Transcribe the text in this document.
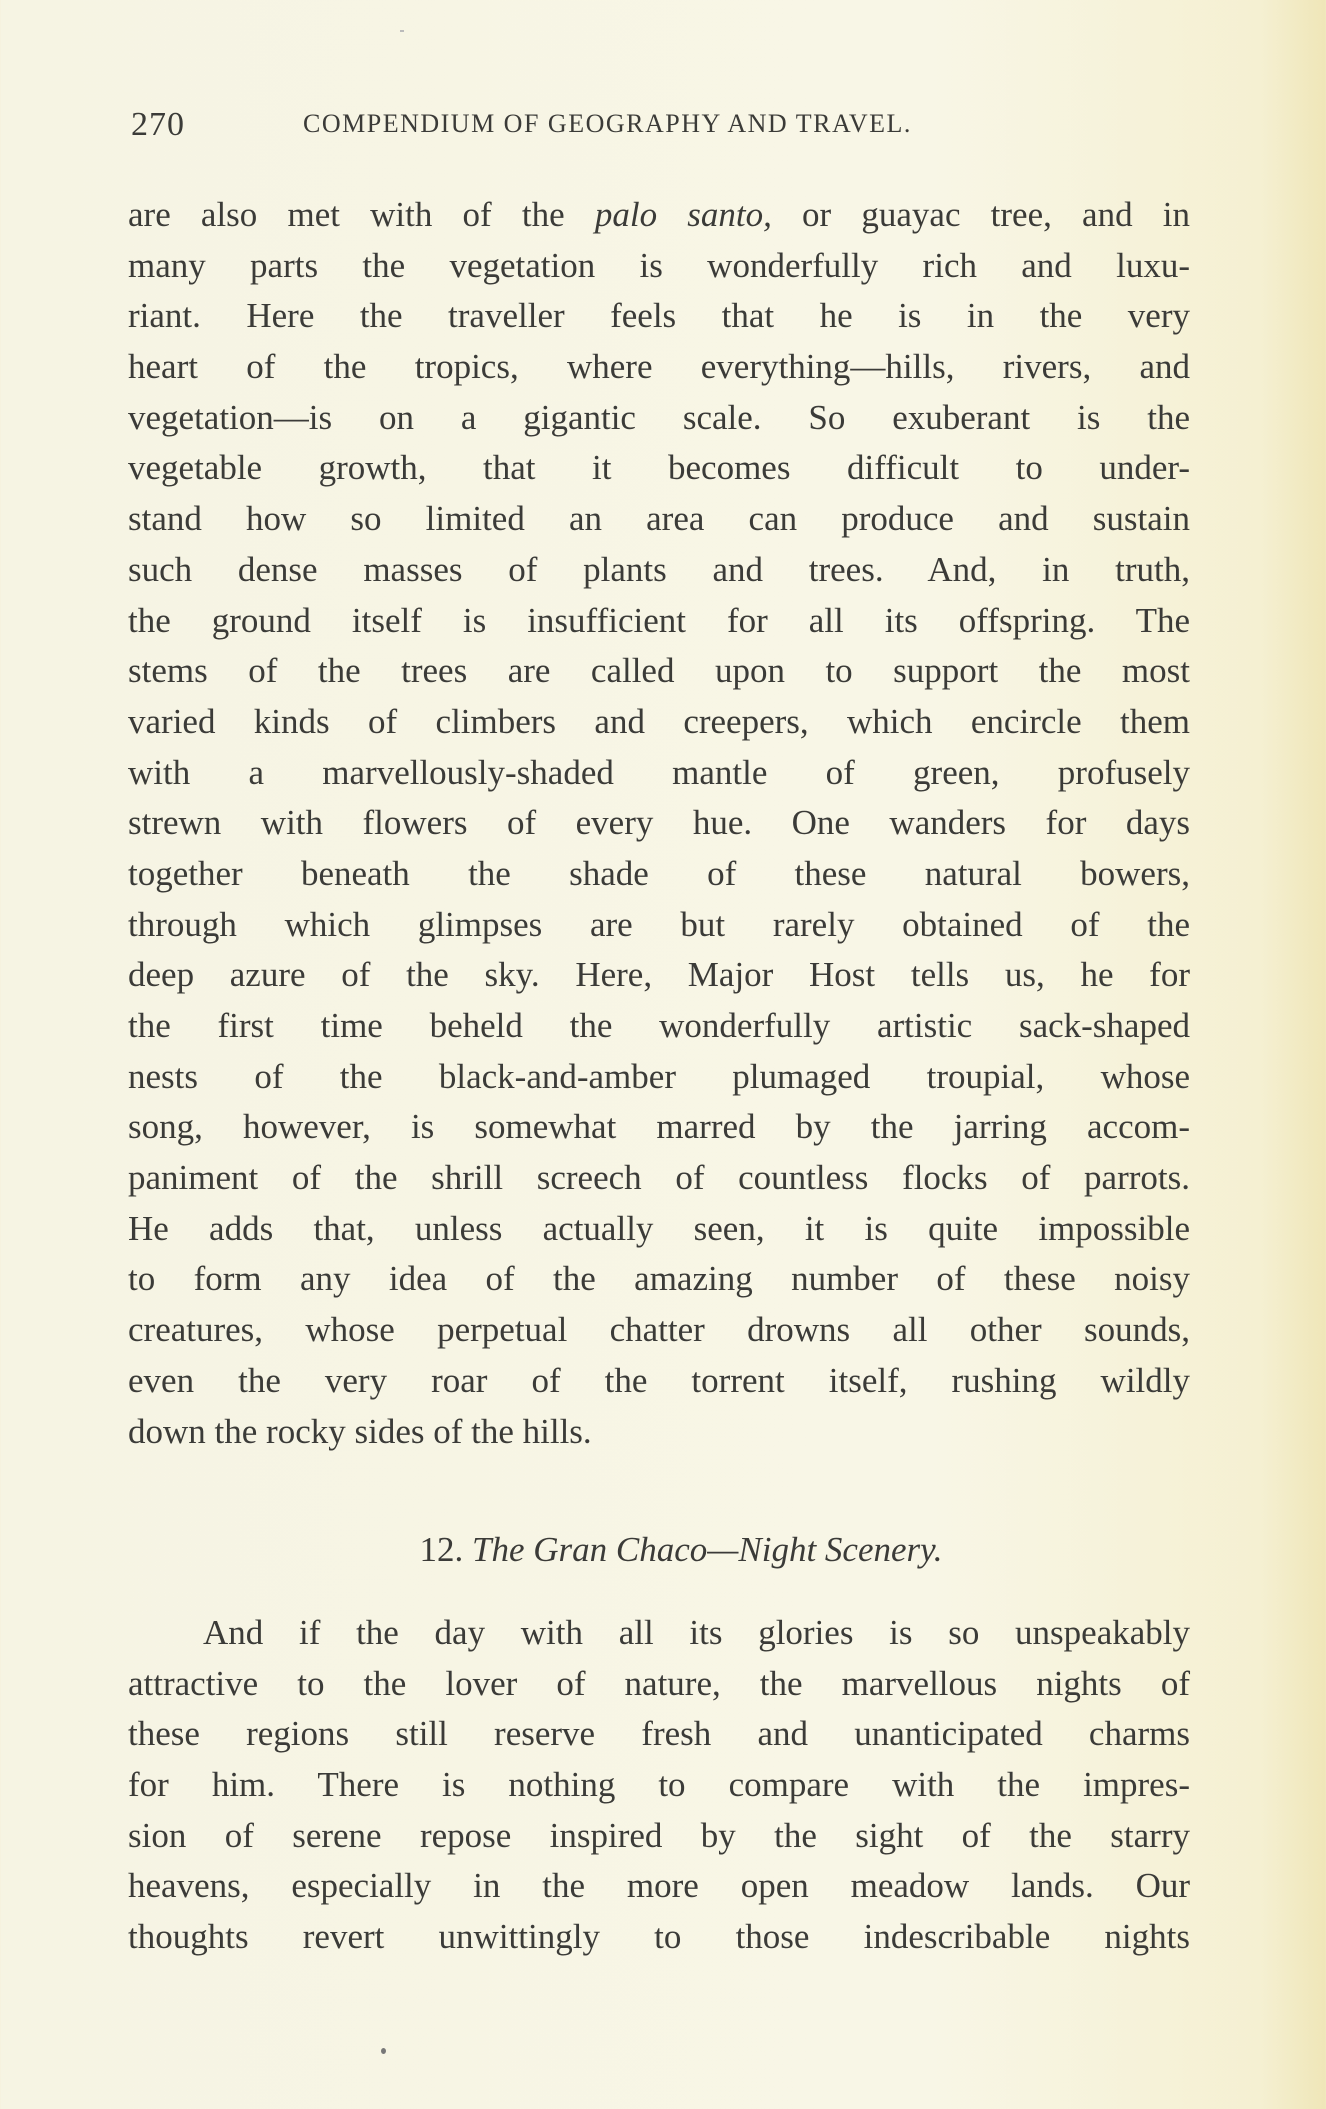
270	COMPENDIUM OF GEOGRAPHY AND TRAVEL.
are also met with of the palo santo, or guayac tree, and in
many parts the vegetation is wonderfully rich and luxu-
riant. Here the traveller feels that he is in the very
heart of the tropics, where everything—hills, rivers, and
vegetation—is on a gigantic scale. So exuberant is the
vegetable growth, that it becomes difficult to under-
stand how so limited an area can produce and sustain
such dense masses of plants and trees. And, in truth,
the ground itself is insufficient for all its offspring. The
stems of the trees are called upon to support the most
varied kinds of climbers and creepers, which encircle them
with a marvellously-shaded mantle of green, profusely
strewn with flowers of every hue. One wanders for days
together beneath the shade of these natural bowers,
through which glimpses are but rarely obtained of the
deep azure of the sky. Here, Major Host tells us, he for
the first time beheld the wonderfully artistic sack-shaped
nests of the black-and-amber plumaged troupial, whose
song, however, is somewhat marred by the jarring accom-
paniment of the shrill screech of countless flocks of parrots.
He adds that, unless actually seen, it is quite impossible
to form any idea of the amazing number of these noisy
creatures, whose perpetual chatter drowns all other sounds,
even the very roar of the torrent itself, rushing wildly
down the rocky sides of the hills.
12. The Gran Chaco—Night Scenery.
And if the day with all its glories is so unspeakably
attractive to the lover of nature, the marvellous nights of
these regions still reserve fresh and unanticipated charms
for him. There is nothing to compare with the impres-
sion of serene repose inspired by the sight of the starry
heavens, especially in the more open meadow lands. Our
thoughts revert unwittingly to those indescribable nights
